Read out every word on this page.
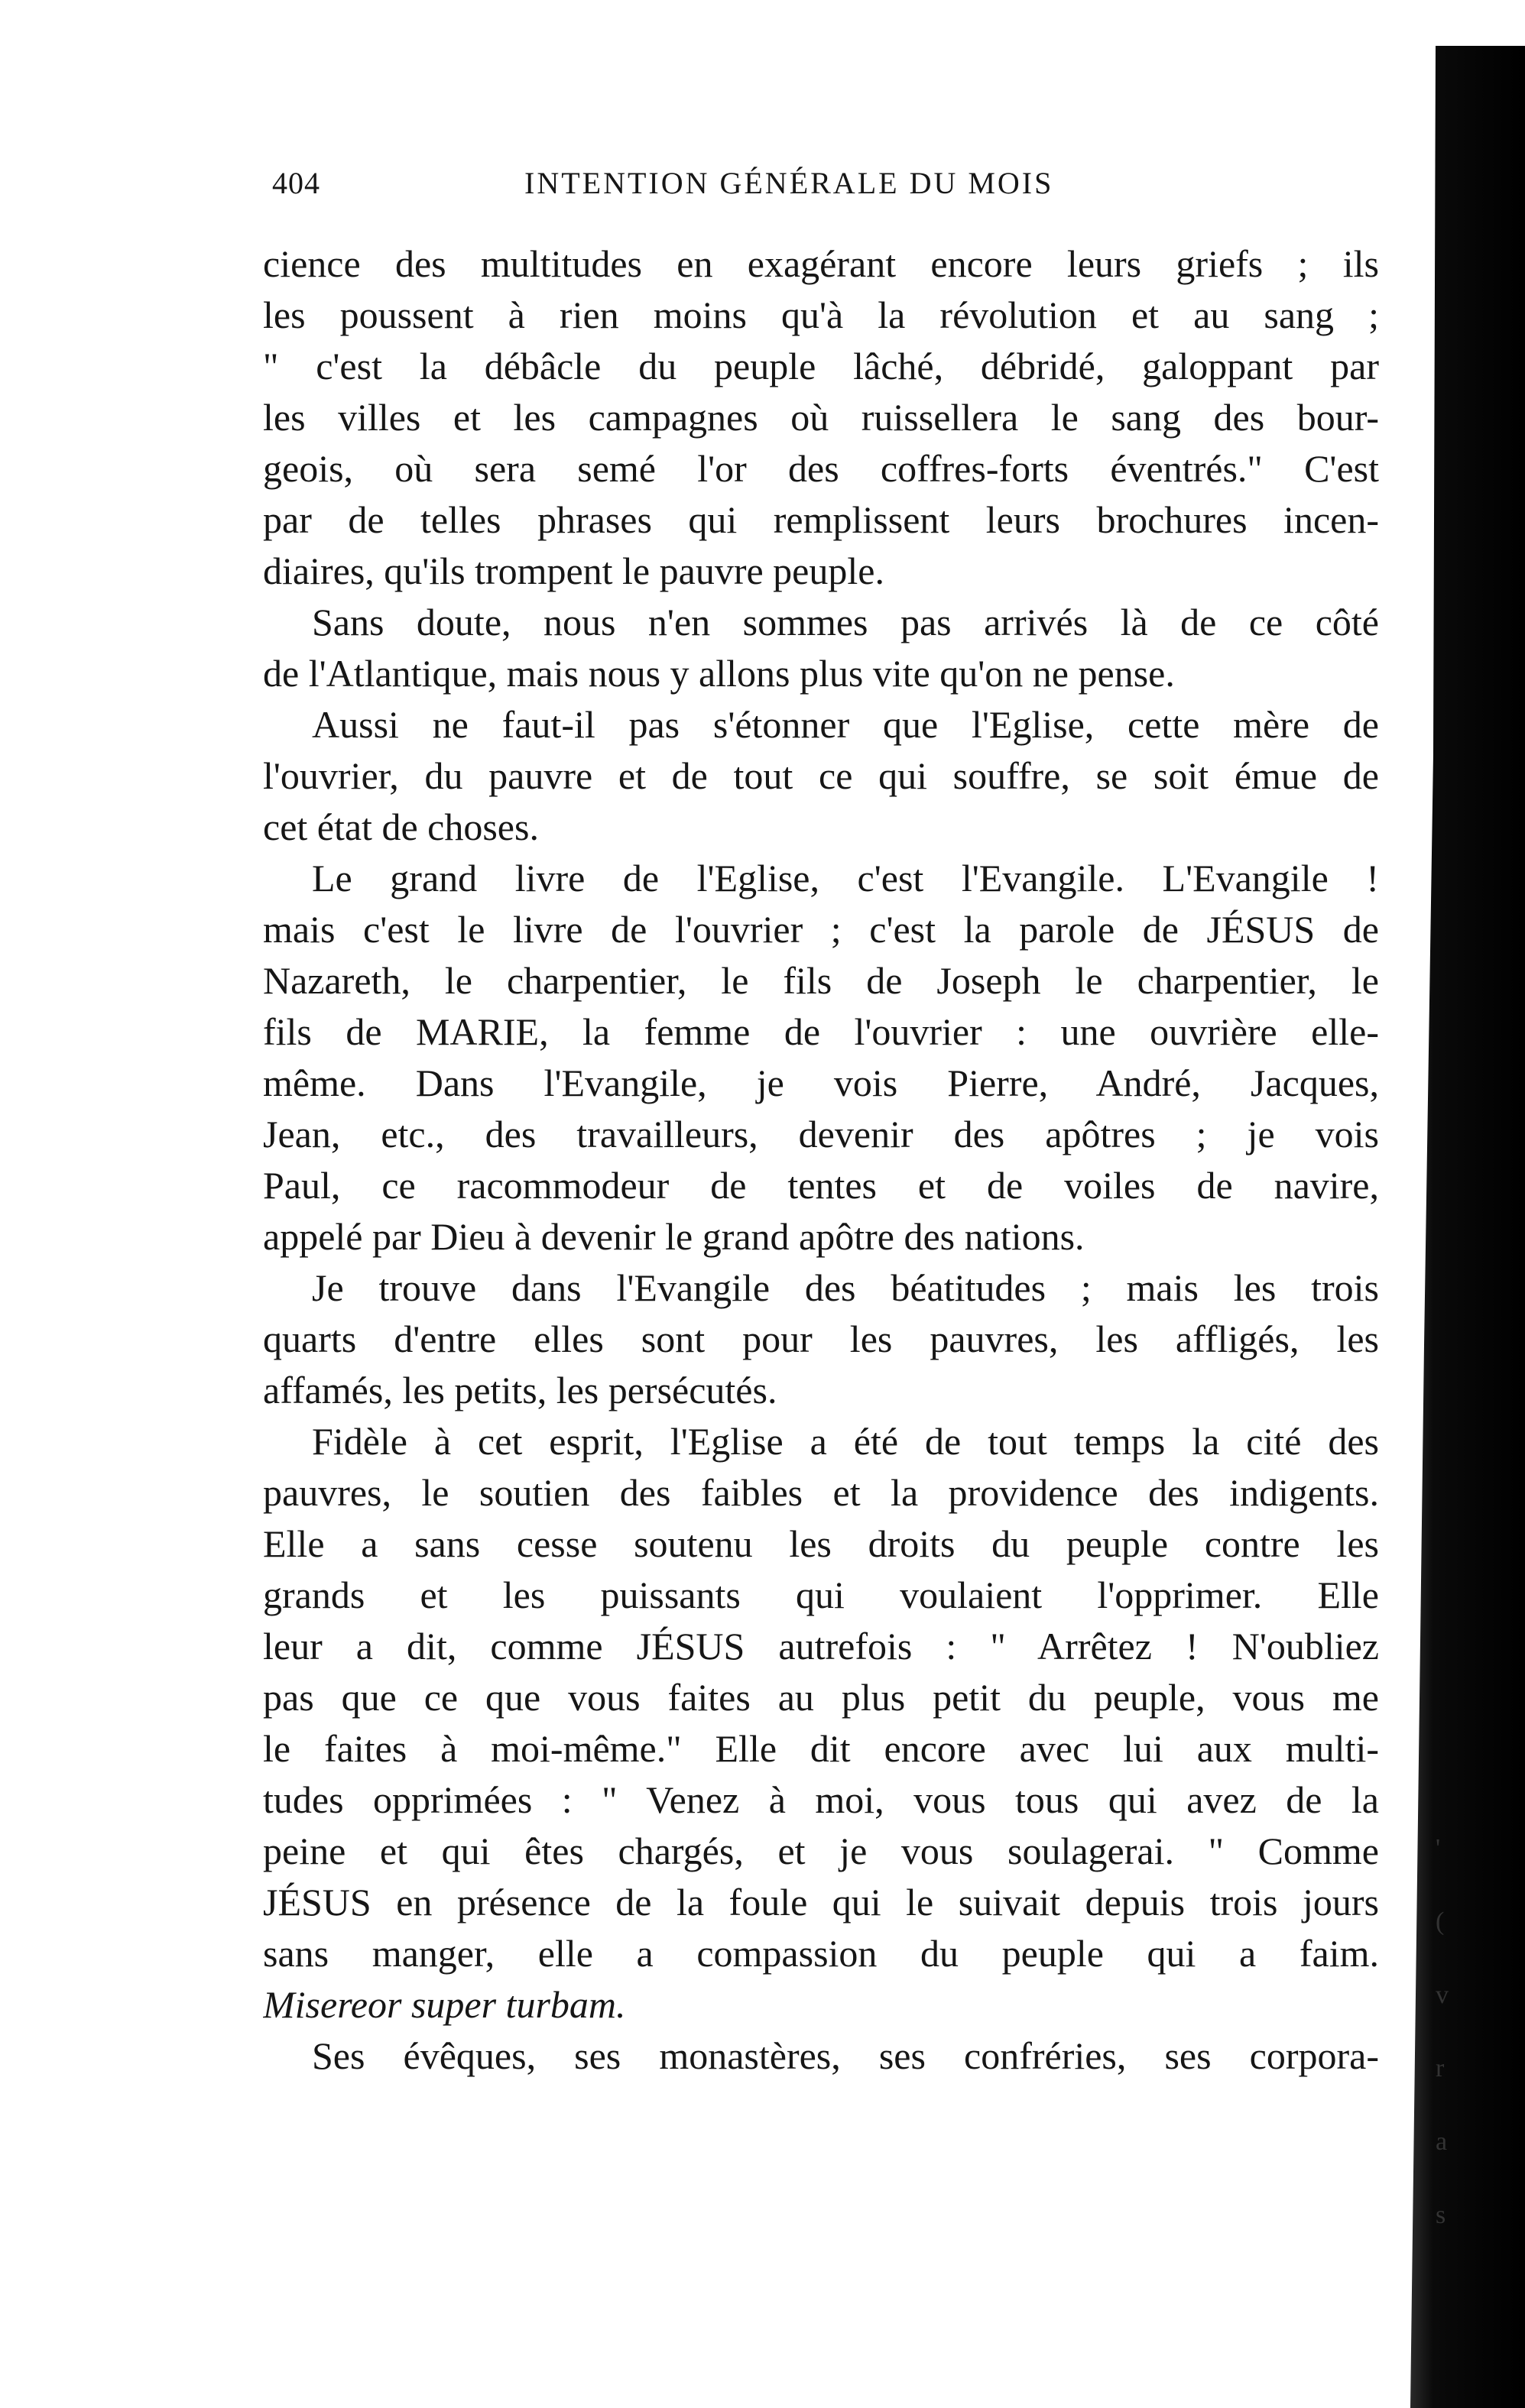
404	INTENTION GÉNÉRALE DU MOIS
cience des multitudes en exagérant encore leurs griefs ; ils
les poussent à rien moins qu'à la révolution et au sang ;
" c'est la débâcle du peuple lâché, débridé, galoppant par
les villes et les campagnes où ruissellera le sang des bour-
geois, où sera semé l'or des coffres-forts éventrés." C'est
par de telles phrases qui remplissent leurs brochures incen-
diaires, qu'ils trompent le pauvre peuple.
Sans doute, nous n'en sommes pas arrivés là de ce côté
de l'Atlantique, mais nous y allons plus vite qu'on ne pense.
Aussi ne faut-il pas s'étonner que l'Eglise, cette mère de
l'ouvrier, du pauvre et de tout ce qui souffre, se soit émue de
cet état de choses.
Le grand livre de l'Eglise, c'est l'Evangile. L'Evangile !
mais c'est le livre de l'ouvrier ; c'est la parole de JÉSUS de
Nazareth, le charpentier, le fils de Joseph le charpentier, le
fils de MARIE, la femme de l'ouvrier : une ouvrière elle-
même. Dans l'Evangile, je vois Pierre, André, Jacques,
Jean, etc., des travailleurs, devenir des apôtres ; je vois
Paul, ce racommodeur de tentes et de voiles de navire,
appelé par Dieu à devenir le grand apôtre des nations.
Je trouve dans l'Evangile des béatitudes ; mais les trois
quarts d'entre elles sont pour les pauvres, les affligés, les
affamés, les petits, les persécutés.
Fidèle à cet esprit, l'Eglise a été de tout temps la cité des
pauvres, le soutien des faibles et la providence des indigents.
Elle a sans cesse soutenu les droits du peuple contre les
grands et les puissants qui voulaient l'opprimer. Elle
leur a dit, comme JÉSUS autrefois : " Arrêtez ! N'oubliez
pas que ce que vous faites au plus petit du peuple, vous me
le faites à moi-même." Elle dit encore avec lui aux multi-
tudes opprimées : " Venez à moi, vous tous qui avez de la
peine et qui êtes chargés, et je vous soulagerai. " Comme
JÉSUS en présence de la foule qui le suivait depuis trois jours
sans manger, elle a compassion du peuple qui a faim.
Misereor super turbam.
Ses évêques, ses monastères, ses confréries, ses corpora-
'
(
v
r
a
s
